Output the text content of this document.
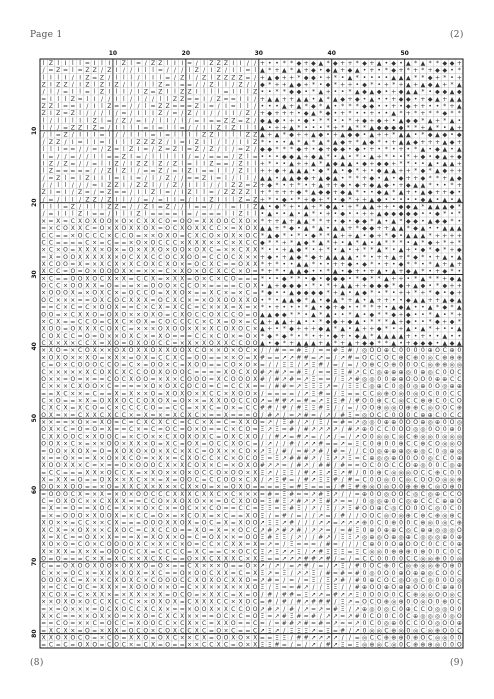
Page 1	(2)
(8)	(9)
l Z l I l l = I l I l Z l = / Z Z l I I = / l Z Z Z I I / / + • • * * ◆ + ◆ ▲ * ◆ + + * ◆ + ▲ • ◆ • ▲ * ▲ * * ◆ ◆ +
/ = Z = l = Z Z / Z I / / I l l = / / / l Z / I Z / I l = l ▲ * + ▲ * ▲ + ◆ • ◆ ▲ + ◆ ▲ • + • * ◆ + * + * + ◆ ◆ • *
l I l I / I Z = Z / l l l / l I l = / Z l / Z l Z Z Z Z = / + ▲ ◆ + + * ◆ ◆ • + * • ▲ * • • • • ▲ ▲ ▲ * * ◆ + * • +
Z I Z Z / I Z l Z I Z / l / l l Z = l = = / / Z l l / Z / / ◆ * + + ▲ ◆ + * • ◆ * + + • ◆ * • + * + ▲ + ▲ ◆ ▲ + * ▲
/ l / = I l = l Z I l I / I Z = Z I l Z Z I l l l = I I l Z • • * * ◆ ◆ • * ▲ + • • * ▲ ◆ ▲ ◆ • + ◆ ▲ ▲ * • ◆ ◆ ▲ ◆
= I l l Z = l I / / I l / l / / l l Z Z = = I / Z = = I I / + ▲ ▲ + + ▲ ▲ • ▲ * ▲ ◆ + ◆ • ▲ • • + ◆ ◆ • + ◆ ▲ + ▲ ▲
Z Z l = = I / I l Z = = / / l = Z Z = = = Z I = / I = l l / • • • ▲ + ▲ * ◆ * ▲ • * * * ◆ ◆ • • + • ◆ + + • • * + ▲
Z I Z = Z l / / / l / = / I l I Z / = / Z / I / / I I / Z / + ◆ + + + • ◆ ▲ * ◆ • + * • • + • • ▲ * + * + * * ◆ * *
l / l l l I l Z l = / Z / = I / l I / l / = I = = Z Z = Z / ◆ ▲ ◆ • + • ◆ • * * • • * + ◆ + ◆ + • ▲ ◆ ◆ * ▲ + * ▲ •
l / / = Z Z I Z = / I I l I = I = l l = / / I l Z I Z I l I ▲ • + + ▲ * • • • * + * ▲ * * ▲ ◆ ◆ ◆ ◆ * * + ▲ * • ▲ +
/ l = Z / I I I = l / / I I I = I = l l I l Z Z I l l l Z Z ▲ + ▲ * ◆ + + ▲ ◆ • + ▲ ◆ ◆ • ▲ + + * ▲ ▲ • * ◆ ▲ ◆ • ◆
/ Z Z / I = l I = l I l l Z Z Z Z / I = I Z I l / l / I I Z * • • • ▲ * ▲ * ▲ * ▲ ◆ + * ▲ ◆ * • + ▲ ▲ ◆ + + + ▲ ◆ +
l l I = = / / = / Z = l Z I = / Z = Z l = Z / Z / l / = Z / ◆ ◆ * * * ◆ + • ◆ + ◆ ◆ • ◆ • + • * • + • * ▲ • ◆ ▲ • ▲
I = / / = / / I l = = Z I = / l l l l I / = / = = = / Z l = • • • ◆ ◆ ▲ + ◆ ▲ * • ▲ • * • ▲ + * • • * + ◆ • ◆ ▲ + ◆
I Z / Z = / / = l I Z / I Z Z l Z / Z l = l I Z = = / Z I l + * • • ▲ + + ▲ * ▲ ◆ ▲ ▲ • ◆ + ◆ ◆ + * * • • ▲ • ▲ ▲ +
l Z = = = = = / / Z l Z l / = = Z / = I Z I = = I l / Z I l + + ◆ + ▲ ▲ ▲ • ◆ * ▲ • ◆ * + • ◆ ▲ ▲ + + * ◆ * ▲ ◆ + +
/ = Z l = l Z I I l = I I = / l / Z / / = = Z I = l / l l / ▲ ▲ • ▲ ▲ ◆ ◆ + ▲ ◆ ▲ • * * + ◆ • ▲ • ◆ + + ◆ * * + ▲ ◆
/ / l l / / / = I Z Z I / Z Z l / / Z / I l l / / l Z Z = Z + ◆ * • + * • + ▲ + + ◆ • ◆ + ◆ ▲ ◆ • + ◆ ▲ ▲ * • • * +
Z I = I / Z = / = Z = = / I l Z l = / I Z l l = / Z Z Z Z l + * + + + ◆ * ▲ ◆ ◆ + ◆ ▲ * • • ◆ ▲ * ▲ + • ▲ ◆ + + ◆ •
/ = / l I / Z Z / Z I l / / = / = I I = / I I Z I I l Z = Z + * • ◆ • * + ◆ + * • ◆ * + + ▲ ◆ • • • • • ◆ ▲ • ▲ • ▲
I I l = Z / I l l Z Z = / / Z I = Z / / l = = / / l = I I Z ▲ • ◆ * + • ▲ + * ◆ ▲ • + * ▲ ▲ + + • ◆ ◆ ▲ * ▲ ▲ ▲ ◆ *
/ = I I l Z I = = / I l I Z l = = = = l = / = = = l I Z I l • ▲ • • ▲ • ▲ * • + • ◆ • • + + ▲ ◆ ◆ ◆ ◆ ◆ • • ◆ * • *
× = X = C X O X O O × O × C X X C O = O O = X X O O C X O × * + + ▲ + ▲ ▲ * * + • ◆ • ◆ ◆ * ▲ • ▲ * ◆ ◆ • ▲ ◆ ◆ * •
= × C O X X C = O × X O X X O X = O C X O X X C C × = X O X ▲ ▲ + * ◆ • ▲ * ▲ • ▲ ▲ + * ◆ ◆ + + ▲ ▲ * ◆ ▲ • • ▲ ▲ ▲
C C = = × O C C C × C C O = × × O X O = C X C O × O X × O C * ▲ ◆ * • * • ◆ * * ▲ + + ▲ • ◆ + * ◆ • ▲ ▲ ▲ * + + + +
C C = = = = C × = C = = × O × O C C C × X X X × × C × X C C ◆ * * + * ▲ ◆ * ▲ * + • ▲ * ▲ • ▲ * * * • ▲ * ◆ + * + *
× C × O = X X X × O × = O × X X O × O O × O X C = × × C X X * • • + ▲ ◆ * • + * • ▲ • + * * ▲ * • ▲ + • ◆ * ◆ * + ◆
= X = O O X X X X X × O C X X C C O C X O O = C C O C X × × + ◆ • + ▲ ◆ * ◆ + ▲ ▲ ▲ ▲ • * • + + ▲ + * ◆ * • + ▲ • ▲
X C O O = X = × X C X × X C O X C X O × = O C X C = = O X X * + * • • ▲ ▲ * • • + + ◆ • ◆ * • + • ◆ * * • * ▲ + ▲ +
X C C = O = O × O O O X × = × × = C × X O × O C X C C × O = * + * • ▲ ▲ ◆ • • * ▲ • ◆ + • + ▲ • ▲ + ◆ ▲ * • + ◆ * •
× C = = O O X O C X × X = C C X = × X X = O × C × C O = = = * • • ◆ * * • ◆ • ◆ ◆ ◆ • * ◆ * * ▲ + + • * ▲ * * + ◆ ▲
O C C × O O X X = O = = = × = O O O × C C O × = = = = C O X • ▲ + ◆ ◆ ◆ • * • * + ▲ ▲ + + ◆ ◆ ◆ * ◆ + ▲ ◆ • * ◆ + +
× O O O X = × O X C × = O C C O = X X O × = = X C × = × C = * ◆ • • ▲ ◆ ◆ ◆ ◆ * + ▲ • ▲ ◆ * • * • + + * + * ◆ • ◆ +
O C × × × = = O X C O C X X X = O C X C × = × O X O O X X O • * • ▲ ▲ ◆ * ▲ • ◆ ▲ * + ▲ • ▲ + + • • ◆ ▲ ▲ + + ▲ ◆ ▲
= = C × C = C × O O X = = C × C X = X C C = C × × X = X = × * • + • • • * ▲ • ◆ + ◆ • • * * + • ▲ ◆ ▲ • • ▲ * ◆ * ▲
O O = × C X X O = O X O × × O X O = C X O C C O X C C O = O ▲ ▲ ◆ ◆ * * • ▲ * ▲ • • * ▲ • ◆ * * ◆ + ◆ • • * ▲ • * +
× C X = = C C O = C X C × O X = C O C C C C × C X = O × = C ▲ + ▲ ▲ + ▲ • • * ◆ ◆ + ◆ ▲ • * * * ▲ + ◆ • • * ◆ + ◆ *
X O O = O X X X C O X C = × × × O X O O × X × X C O X O C × ▲ + • * ◆ + + + ◆ ▲ * ▲ • ▲ + + ◆ * • + ▲ • ▲ * + • • ▲
C O X C C = O = O × × O X C × = X O = = = C C × C O × = O × * ◆ * ◆ * • * • + • ◆ + • ◆ ▲ * ▲ ▲ ▲ ▲ + • + • • ▲ • •
C X × X × C C X = X O = O X O O C C = × X × X O X X C C O O ▲ • ◆ * + ▲ ▲ ▲ + ▲ * + ▲ + ◆ ◆ * * ▲ • + ◆ ◆ ◆ • ▲ ◆ ▲
× X O = × C O X × × O X O X X O X X O O X C O × × O × O C × / / # = = # Ξ / = = # Ξ # / ◎ O O ⊕ C 0 0 0 0 ⊕ O C ⊕ 0
× O X O × × X O = × X × = O X = C C X C = O O = = × × O = X # = = ↗ ↗ # # = ↗ = / ↗ # = O C C O C ⊕ C ⊕ 0 ◎ C ⊕ ⊕ ⊕
C = O × C O O O C C O = C × = O O × C = X O O = = C O × O × = / / Ξ Ξ / ↗ Ξ # / = / = / O ⊕ C O ⊕ 0 0 O C ◎ ⊕ ⊕ ◎ ◎
C × × × × × X C O X C X C C O O X O O O C = = = = X O C X O # ↗ # ↗ = # Ξ / = = Ξ Ξ # ↗ C C ◎ ⊕ ⊕ ⊕ ◎ 0 ⊕ ◎ C 0 O C
O × × = O = × = = C O C X O O = × X × C O O O = X C O O O X # / # ↗ # = ↗ Ξ = = / Ξ ↗ # ◎ ◎ 0 0 ⊕ ⊕ O O O 0 ⊕ ⊕ C C
C × × × C X O O × C = = = = × O × O X C O C O = C = C C X = = / # # = ↗ Ξ Ξ Ξ ↗ = / Ξ Ξ C ◎ ⊕ C 0 ◎ 0 ◎ ⊕ 0 O ◎ ⊕ ⊕
= = X C × × = C = = X = X × × O = X O X O × X C C × X O O × / = = = = / ↗ Ξ # = / Ξ = = C C ◎ ⊕ O ◎ 0 ◎ O C 0 0 C C
C × O = = × X = O X X O C C O X O X = O × × = X X O O C C O ↗ = # # ↗ = # = ↗ Ξ Ξ # / # O 0 ⊕ C C ◎ C C ⊕ ⊕ C 0 C O
C X C X = X C O = C × C C C C O = = C C = × X C = O × = C C # # / # / # Ξ Ξ # Ξ / / = / O O ⊕ ◎ ◎ O ⊕ ⊕ C ◎ O O C ⊕
O X = × = C X X C X C C × = X = × = X C X C × = = X = = = O / # ↗ / = ↗ # = / ↗ / # Ξ = ◎ O C C 0 O 0 C ⊕ ⊕ C 0 C C
× × = = × O × = X O = C = C X C X C C = C C × X = C = X X O = ↗ / Ξ # / ↗ / Ξ / = # = ↗ ◎ ◎ 0 ⊕ ⊕ 0 O O ⊕ ◎ ⊕ 0 O ◎
O X × C = O = O = X = = C × = C = O C = O × O = = C × C O = Ξ ↗ Ξ = # / # ↗ ↗ ↗ ↗ / # ↗ ⊕ 0 C C 0 O O ◎ ◎ 0 O 0 ⊕ 0
C X X O O C × X O O C = × C O × × C X O X O X C = O X C X O / / # ↗ = # ↗ = / ↗ / = / ↗ O 0 ◎ ◎ C ◎ C ⊕ ◎ ◎ 0 ◎ ◎ ◎
O O X × C × = × × O O × X X × O = X C = O X = O C C X O C = / ↗ / / # / ↗ ↗ # = = ↗ = Ξ C 0 ⊕ 0 0 ⊕ C C ⊕ C O ◎ ◎ O
= O O × X O X = O = X O X O × O × X C × X C = O X × × C O × ↗ Ξ / # / = # ↗ # / # = / / C O ◎ ⊕ ⊕ ⊕ ◎ ⊕ ◎ C 0 ◎ ⊕ ◎
× = = O × = = X × O × X C O = × X × = C X O C C × C × O C O Ξ = Ξ ↗ # # # ↗ / Ξ ↗ ↗ Ξ = C ⊕ ◎ ◎ ⊕ O 0 O 0 ◎ C C 0 ⊕
X O O X X × C = × = = O × O O O C X × X C O X × C = × O X O # ↗ ↗ = / # ↗ / # # / # = = O C 0 O C C O ⊕ ◎ 0 0 C ◎ ⊕
= C C = = = X X × O C C X = × X O × × O × O C C O × O O × X Ξ ↗ / Ξ Ξ / # ↗ Ξ ↗ Ξ ↗ # / 0 0 ⊕ C ◎ ◎ ◎ O C C ⊕ C 0 0
X = X X = O = = O X × × X C × × = X = O O C = C C O O × C X / ↗ Ξ # = / # ↗ Ξ Ξ # / # = C 0 O ◎ 0 C ◎ C O O O ◎ ◎ ⊕
O O × X O O = = × O = X X C X × X × × C X × O = × = O X O = = = = Ξ = # Ξ = = = / # Ξ # ⊕ ◎ O ◎ O 0 ⊕ ⊕ ⊕ C ◎ O ⊕ 0
= O O O C X = × X = × O × O O C C C X X X C X X C × C × × × = # = Ξ # = = ↗ # Ξ ↗ / / = ⊕ 0 O ◎ O O C ◎ C ◎ ⊕ C C O
C = O X O C × × C X X X = = C C O × X O X O × × = O C X O O = Ξ # Ξ ↗ # ↗ ↗ Ξ # ↗ = = / 0 ◎ ◎ ⊕ 0 C ◎ ⊕ C C C ⊕ ⊕ O
= X = = O = = X O C = X × × O × C × = O C × × C O = = C C = Ξ Ξ = Ξ # Ξ / ↗ / Ξ / ↗ Ξ # O O ⊕ C ◎ C O 0 O C ◎ 0 C 0
= × = O O O × X O O X = × C C = O × = × C O X = × C = = X O Ξ / = # / = / / ↗ = / # / / O O C ◎ O ◎ ⊕ C ⊕ C ⊕ ◎ ⊕ C
X O × × = C C × × C X = = = O O O X X O X = O C = X = X O O ↗ Ξ Ξ ↗ # / / / ↗ ↗ = ↗ ↗ ↗ ⊕ 0 C 0 ⊕ 0 0 C ⊕ ◎ 0 ◎ C ⊕
X C X = × O X × × C X O C = C X C C O = = X O = X = × O C C ↗ # ↗ # ↗ # / ↗ ↗ = / = # Ξ 0 ⊕ 0 ⊕ ⊕ C ◎ C ⊕ ⊕ ◎ ◎ ◎ O
X = X C = = O X × X = = = X = X O X × O = C = O X × × = O O Ξ # Ξ Ξ / ↗ / / # ↗ / Ξ Ξ ↗ ◎ ⊕ ◎ O ⊕ ◎ ⊕ C ◎ ◎ ◎ ⊕ 0 ⊕
X O × O = C O × C O O O O X C × X × C × O = C C × C X X = X = ↗ = / Ξ = = = / # = / / / C ⊕ 0 0 O ⊕ O O C 0 C C 0 ⊕
X × X X = X × X = O O O C C X = C C C C = X C = = C × O C C Ξ ↗ Ξ ↗ ↗ Ξ / ↗ # Ξ Ξ Ξ = Ξ C ◎ ◎ 0 ⊕ ⊕ ⊕ 0 ⊕ 0 0 C 0 C
O = O = = = C × X = X C × × X C X C = = O × X C X X X C × X Ξ = = ↗ ↗ ↗ # # ↗ # / = / = C C 0 0 0 0 C C ◎ ◎ ⊕ 0 0 ◎
C = = O X O O X O O × O X X O = O × = = C X × × × O = = O × ↗ / ↗ / = ↗ # / = / ↗ Ξ / # 0 O C ⊕ 0 C ◎ ⊕ ◎ ◎ ⊕ O ⊕ 0
C × × = O C × = X X × X O X = X C = = O × O O C X X = C = X Ξ ↗ = Ξ / ↗ ↗ Ξ / # = # = # 0 ◎ 0 O 0 ⊕ O ⊕ ⊕ ◎ C O 0 C
O O O X C = X × × C X O X C × C O O O C C X O X O C X X O = ↗ # = / = / = Ξ / Ξ ↗ # / # 0 ⊕ C O C ◎ O ◎ C ◎ 0 0 O ◎
× = C C = O C = X X × = X O O O × × O = C × X × × X × × X O Ξ / Ξ = = # ↗ / / Ξ Ξ / / # ⊕ O O ⊕ O ⊕ ⊕ O O 0 C ⊕ ⊕ 0
X C O X = C × X X × = × X X × × X = O C O = × X X C = X = O / # / # # = Ξ ↗ ↗ = # ↗ ↗ Ξ 0 O 0 O 0 C C ⊕ ◎ ◎ O O ◎ C
× × O X O × O C C X C C C × × O X O X = C X X X C C × X O C = # / # / # ↗ # # # / Ξ ↗ = O C O ⊕ ◎ ⊕ 0 O ◎ O 0 ⊕ O C
= × = O × × × = O C X O C C X C X × = = × O O X × X C C O O ↗ # ↗ / # / ↗ = ↗ = # Ξ / ↗ ⊕ ◎ 0 ◎ C 0 ⊕ C C O ◎ ◎ O 0
X × C = = × × O X × O = × X O = C X C X × × = = O C × C = O Ξ = ↗ # Ξ # = # / ↗ ↗ = ↗ # 0 C O 0 C 0 C ⊕ ◎ ◎ ◎ 0 ◎ O
= = C O = × × C = O C C = X O O C C × C X × C = X X O = = C = / = # # ↗ # = # = ↗ = = ↗ 0 C 0 ◎ ⊕ 0 C C O O ◎ O O ⊕
= X C X × = O = × X X = O C O × C O X C C X C = O × C = = C ↗ Ξ ↗ / Ξ Ξ Ξ ↗ = Ξ = # / ↗ 0 ◎ ◎ C ⊕ ◎ 0 ◎ C ◎ ⊕ O 0 C
X X O X O C O = × C O = X X O = O X C × × C X = O O X O × X = = Ξ Ξ / # # ↗ ↗ ↗ ↗ / / = ◎ C C ⊕ ⊕ ⊕ 0 ⊕ O C ◎ ◎ 0 0
= C = C = O X O = C O C × = C X = O = = × × C C X C = O × X Ξ Ξ # = / = / ↗ / # ↗ Ξ = Ξ ◎ ⊕ ◎ C ◎ 0 C ⊕ ⊕ ⊕ ◎ 0 0 O
10	20	30	40	50
10
20
30
40
50
60
70
80
